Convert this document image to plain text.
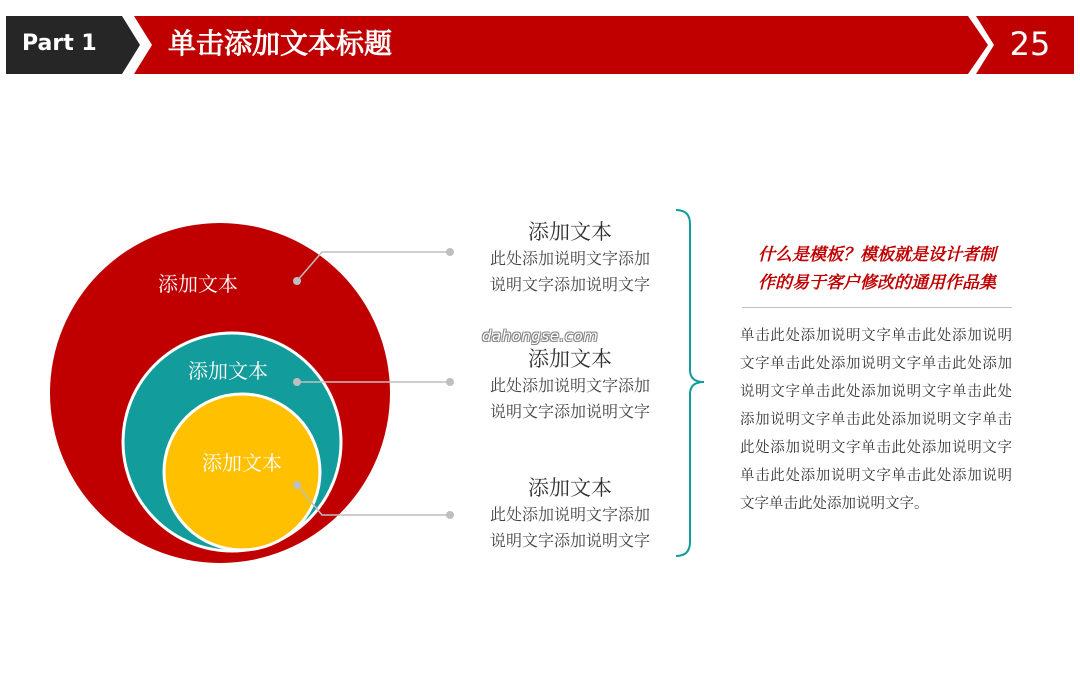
Part 1	单击添加文本标题	25
添加文本
添加文本
添加文本
添加文本
此处添加说明文字添加
说明文字添加说明文字
添加文本
此处添加说明文字添加
说明文字添加说明文字
添加文本
此处添加说明文字添加
说明文字添加说明文字
dahongse.com
什么是模板？模板就是设计者制
作的易于客户修改的通用作品集
单击此处添加说明文字单击此处添加说明文字单击此处添加说明文字单击此处添加说明文字单击此处添加说明文字单击此处添加说明文字单击此处添加说明文字单击此处添加说明文字单击此处添加说明文字单击此处添加说明文字单击此处添加说明文字单击此处添加说明文字。
